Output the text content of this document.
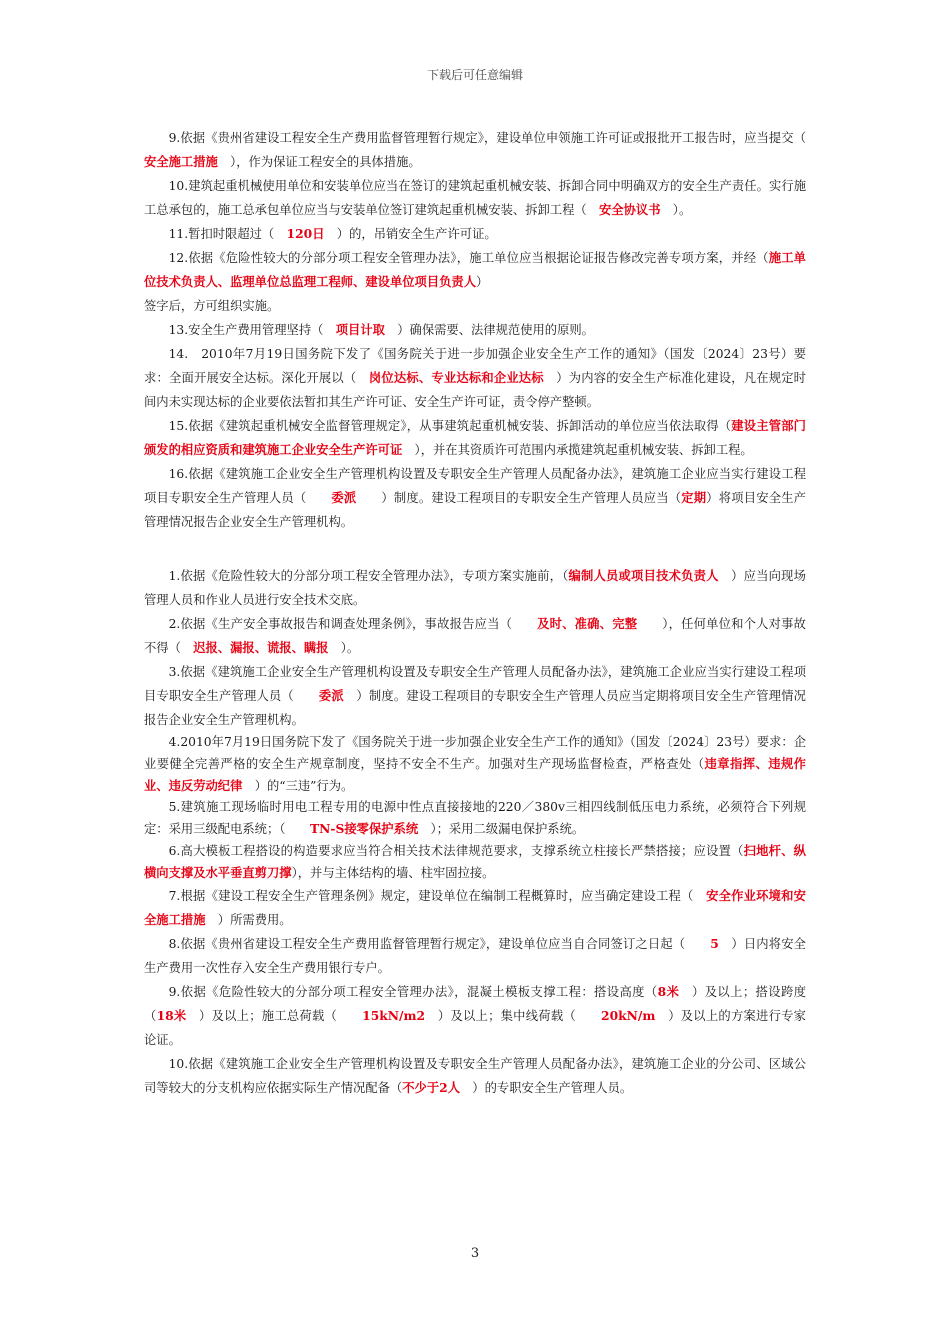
下载后可任意编辑

9.依据《贵州省建设工程安全生产费用监督管理暂行规定》，建设单位申领施工许可证或报批开工报告时，应当提交（　安全施工措施　），作为保证工程安全的具体措施。

10.建筑起重机械使用单位和安装单位应当在签订的建筑起重机械安装、拆卸合同中明确双方的安全生产责任。实行施工总承包的，施工总承包单位应当与安装单位签订建筑起重机械安装、拆卸工程（　安全协议书　）。

11.暂扣时限超过（　120日　）的，吊销安全生产许可证。

12.依据《危险性较大的分部分项工程安全管理办法》，施工单位应当根据论证报告修改完善专项方案，并经（施工单位技术负责人、监理单位总监理工程师、建设单位项目负责人）

签字后，方可组织实施。

13.安全生产费用管理坚持（　项目计取　）确保需要、法律规范使用的原则。

14.　2010年7月19日国务院下发了《国务院关于进一步加强企业安全生产工作的通知》（国发〔2024〕23号）要求：全面开展安全达标。深化开展以（　岗位达标、专业达标和企业达标　）为内容的安全生产标准化建设，凡在规定时间内未实现达标的企业要依法暂扣其生产许可证、安全生产许可证，责令停产整顿。

15.依据《建筑起重机械安全监督管理规定》，从事建筑起重机械安装、拆卸活动的单位应当依法取得（建设主管部门颁发的相应资质和建筑施工企业安全生产许可证　），并在其资质许可范围内承揽建筑起重机械安装、拆卸工程。

16.依据《建筑施工企业安全生产管理机构设置及专职安全生产管理人员配备办法》，建筑施工企业应当实行建设工程项目专职安全生产管理人员（　　委派　　）制度。建设工程项目的专职安全生产管理人员应当（定期）将项目安全生产管理情况报告企业安全生产管理机构。

1.依据《危险性较大的分部分项工程安全管理办法》，专项方案实施前，（编制人员或项目技术负责人　）应当向现场管理人员和作业人员进行安全技术交底。

2.依据《生产安全事故报告和调查处理条例》，事故报告应当（　　及时、准确、完整　　），任何单位和个人对事故不得（　迟报、漏报、谎报、瞒报　）。

3.依据《建筑施工企业安全生产管理机构设置及专职安全生产管理人员配备办法》，建筑施工企业应当实行建设工程项目专职安全生产管理人员（　　委派　）制度。建设工程项目的专职安全生产管理人员应当定期将项目安全生产管理情况报告企业安全生产管理机构。

4.2010年7月19日国务院下发了《国务院关于进一步加强企业安全生产工作的通知》（国发〔2024〕23号）要求：企业要健全完善严格的安全生产规章制度，坚持不安全不生产。加强对生产现场监督检查，严格查处（违章指挥、违规作业、违反劳动纪律　）的“三违”行为。

5.建筑施工现场临时用电工程专用的电源中性点直接接地的220／380v三相四线制低压电力系统，必须符合下列规定：采用三级配电系统；（　　TN-S接零保护系统　）；采用二级漏电保护系统。

6.高大模板工程搭设的构造要求应当符合相关技术法律规范要求，支撑系统立柱接长严禁搭接；应设置（扫地杆、纵横向支撑及水平垂直剪刀撑），并与主体结构的墙、柱牢固拉接。

7.根据《建设工程安全生产管理条例》规定，建设单位在编制工程概算时，应当确定建设工程（　安全作业环境和安全施工措施　）所需费用。

8.依据《贵州省建设工程安全生产费用监督管理暂行规定》，建设单位应当自合同签订之日起（　　5　）日内将安全生产费用一次性存入安全生产费用银行专户。

9.依据《危险性较大的分部分项工程安全管理办法》，混凝土模板支撑工程：搭设高度（8米　）及以上；搭设跨度（18米　）及以上；施工总荷载（　　15kN/m2　）及以上；集中线荷载（　　20kN/m　）及以上的方案进行专家论证。

10.依据《建筑施工企业安全生产管理机构设置及专职安全生产管理人员配备办法》，建筑施工企业的分公司、区域公司等较大的分支机构应依据实际生产情况配备（不少于2人　）的专职安全生产管理人员。

3
